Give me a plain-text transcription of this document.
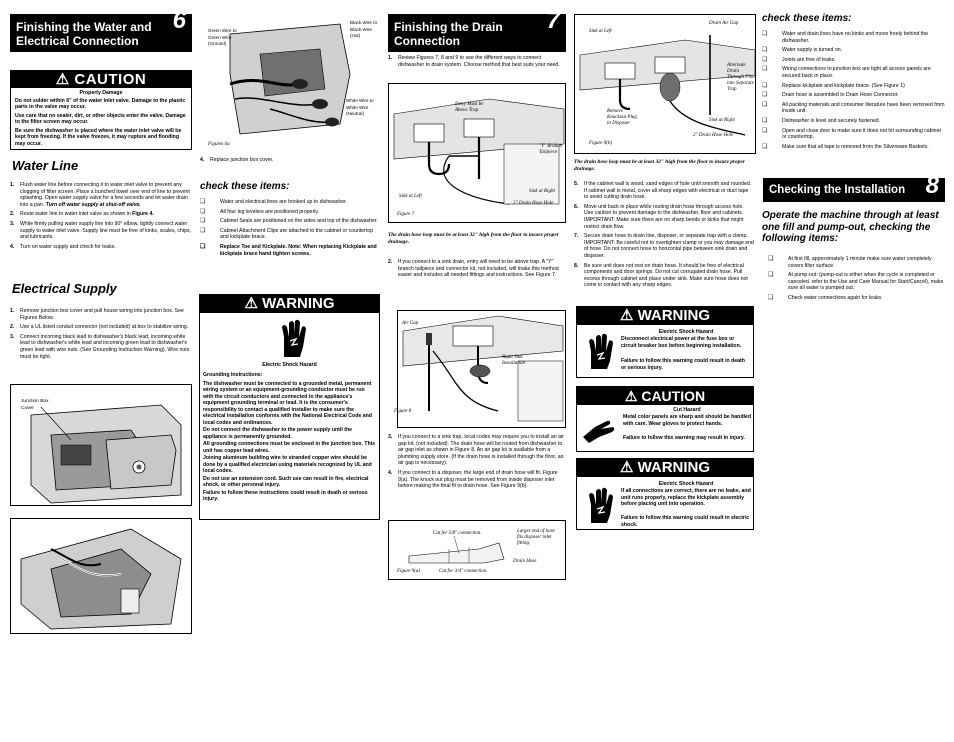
Finishing the Water and
Electrical Connection
6
⚠ CAUTION
Property Damage
Do not solder within 6" of the water inlet valve. Damage to the plastic parts in the valve may occur.
Use care that no sealer, dirt, or other objects enter the valve. Damage to the filter screen may occur.
Be sure the dishwasher is placed where the water inlet valve will be kept from freezing. If the valve freezes, it may rupture and flooding may occur.
Water Line
1. Flush water line before connecting it to water inlet valve to prevent any clogging of filter screen. Place a bunched towel over end of line to prevent splashing. Open water supply valve for a few seconds and let water drain into a pan. Turn off water supply at shut-off valve.
2. Route water line to water inlet valve as shown in Figure 4.
3. While firmly pulling water supply line into 90° elbow, tightly connect water supply to water inlet valve. Supply line must be free of kinks, scales, chips, and lubricants.
4. Turn on water supply and check for leaks.
Electrical Supply
1. Remove junction box cover and pull house wiring into junction box. See Figures Below.
2. Use a UL listed conduit connector (not included) at box to stabilize wiring.
3. Connect incoming black lead to dishwasher's black lead, incoming white lead to dishwasher's white lead and incoming green lead to dishwasher's green lead with wire nuts. (See Grounding Instruction Warning). Wire nuts must be tight.
Junction Box Cover
Green Wire to Green Wire (Ground)
Black Wire to Black Wire (Hot)
White Wire to White Wire (Neutral)
Figures 6a
4. Replace junction box cover.
check these items:
❑	Water and electrical lines are hooked up to dishwasher.
❑	All four leg levelers are positioned properly.
❑	Cabinet Seals are positioned on the sides and top of the dishwasher.
❑	Cabinet Attachment Clips are attached to the cabinet or countertop and kickplate brace.
❑	Replace Toe and Kickplate. Note: When replacing Kickplate and kickplate brace hand tighten screws.
⚠ WARNING
Electric Shock Hazard
Grounding Instructions:
The dishwasher must be connected to a grounded metal, permanent wiring system or an equipment-grounding conductor must be run with the circuit conductors and connected to the appliance's equipment grounding terminal or lead. It is the consumer's responsibility to contact a qualified installer to make sure the electrical installation conforms with the National Electrical Code and local codes and ordinances.
Do not connect the dishwasher to the power supply until the appliance is permanently grounded.
All grounding connections must be enclosed in the junction box. This unit has copper lead wires.
Joining aluminum building wire to stranded copper wire should be done by a qualified electrician using materials recognized by UL and local codes.
Do not use an extension cord. Such use can result in fire, electrical shock, or other personal injury.
Failure to follow these instructions could result in death or serious injury.
Finishing the Drain
Connection
7
1. Review Figures 7, 8 and 9 to see the different ways to connect dishwasher to drain system. Choose method that best suits your need.
Entry Must be Above Trap
"Y" Branch Tailpiece
Sink at Left
Sink at Right
2" Drain Hose Hole
Figure 7
The drain hose loop must be at least 32" high from the floor to insure proper drainage.
2. If you connect to a sink drain, entry will need to be above trap. A "Y" branch tailpiece and connector kit, not included, will make this method easier and includes all needed fittings and instructions. See Figure 7.
Air Gap
Right Side Installation
Figure 8
3. If you connect to a sink trap, local codes may require you to install an air gap kit, (not included). The drain hose will be routed from dishwasher to air gap inlet as shown in Figure 8. An air gap kit is available from a plumbing supply store. (If the drain hose is installed through the floor, an air gap is necessary).
4. If you connect to a disposer, the large end of drain hose will fit. Figure 9(a). The knock out plug must be removed from inside disposer inlet before making the final fit to drain hose. See Figure 9(b).
Cut for 5/8" connection.	Larger end of hose fits disposer inlet fitting.
Drain Hose
Cut for 3/4" connection.
Figure 9(a)
Sink at Left
Drain Air Gap
Alternate Drain Through Floor into Separate Trap
Remove Knockout Plug in Disposer
Sink at Right
2" Drain Hose Hole
Figure 9(b)
The drain hose loop must be at least 32" high from the floor to insure proper drainage.
5. If the cabinet wall is wood, sand edges of hole until smooth and rounded. If cabinet wall is metal, cover all sharp edges with electrical or duct tape to avoid cutting drain hose.
6. Move unit back in place while routing drain hose through access hole. Use caution to prevent damage to the dishwasher, floor and cabinets. IMPORTANT: Make sure there are no sharp bends or kinks that might restrict drain flow.
7. Secure drain hose to drain line, disposer, or separate trap with a clamp. IMPORTANT: Be careful not to overtighten clamp or you may damage end of hose. Do not connect hose to horizontal pipe between sink drain and disposer.
8. Be sure unit does not rest on drain hose. It should be free of electrical components and door springs. Do not cut corrugated drain hose. Pull excess through cabinet and place under sink. Make sure hose does not come in contact with any sharp edges.
⚠ WARNING
Electric Shock Hazard
Disconnect electrical power at the fuse box or circuit breaker box before beginning installation.
Failure to follow this warning could result in death or serious injury.
⚠ CAUTION
Cut Hazard
Metal color panels are sharp and should be handled with care. Wear gloves to protect hands.
Failure to follow this warning may result in injury.
⚠ WARNING
Electric Shock Hazard
If all connections are correct, there are no leaks, and unit runs properly, replace the kickplate assembly before placing unit into operation.
Failure to follow this warning could result in electric shock.
check these items:
❑	Water and drain lines have no kinks and move freely behind the dishwasher.
❑	Water supply is turned on.
❑	Joints are free of leaks.
❑	Wiring connections to junction box are tight all access panels are secured back in place.
❑	Replace kickplate and kickplate brace. (See Figure 1)
❑	Drain hose is assembled to Drain Hose Connector.
❑	All packing materials and consumer literature have been removed from inside unit.
❑	Dishwasher is level and securely fastened.
❑	Open and close door to make sure it does not hit surrounding cabinet or countertop.
❑	Make sure that all tape is removed from the Silverware Baskets.
Checking the Installation 8
Operate the machine through at least one fill and pump-out, checking the following items:
❑	At first fill, approximately 1 minute make sure water completely covers filter surface.
❑	At pump-out: (pump-out is either when the cycle is completed or canceled. refer to the Use and Care Manual for Start/Cancel), make sure all water is pumped out.
❑	Check water connections again for leaks.
